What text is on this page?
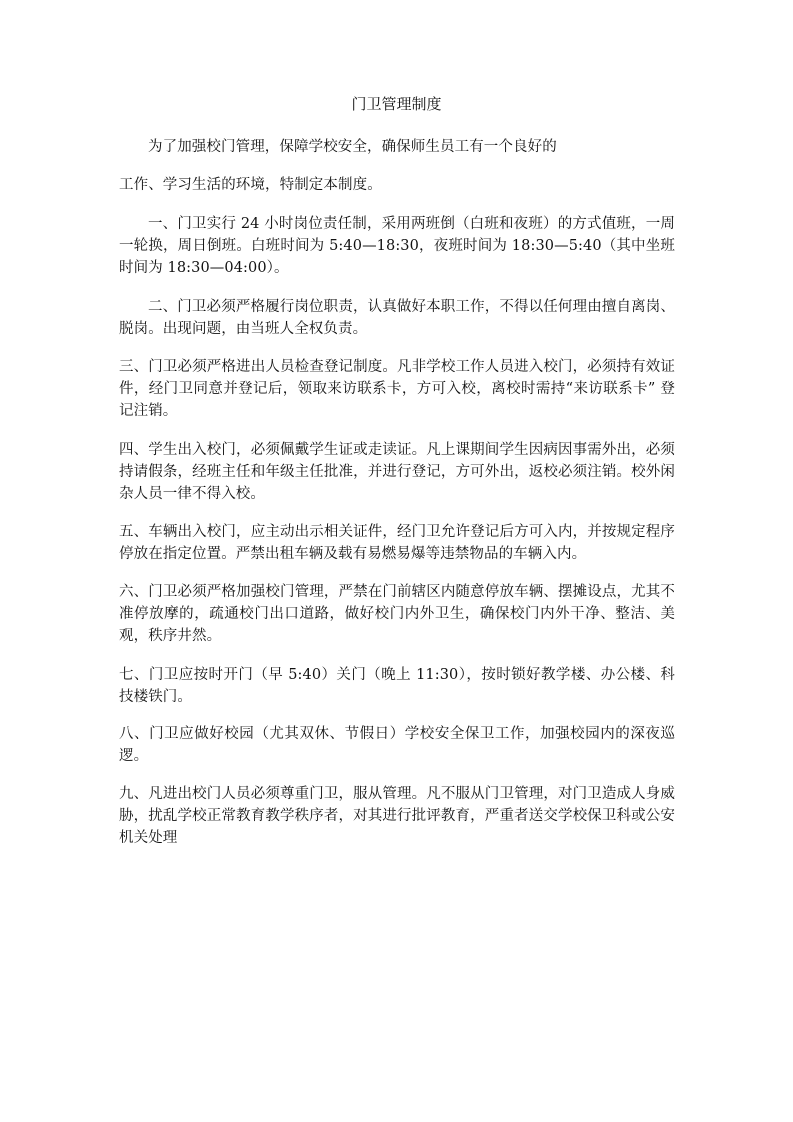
门卫管理制度

为了加强校门管理，保障学校安全，确保师生员工有一个良好的

工作、学习生活的环境，特制定本制度。

一、门卫实行 24 小时岗位责任制，采用两班倒（白班和夜班）的方式值班，一周一轮换，周日倒班。白班时间为 5:40—18:30，夜班时间为 18:30—5:40（其中坐班时间为 18:30—04:00）。

二、门卫必须严格履行岗位职责，认真做好本职工作，不得以任何理由擅自离岗、脱岗。出现问题，由当班人全权负责。

三、门卫必须严格进出人员检查登记制度。凡非学校工作人员进入校门，必须持有效证件，经门卫同意并登记后，领取来访联系卡，方可入校，离校时需持“来访联系卡” 登记注销。

四、学生出入校门，必须佩戴学生证或走读证。凡上课期间学生因病因事需外出，必须持请假条，经班主任和年级主任批准，并进行登记，方可外出，返校必须注销。校外闲杂人员一律不得入校。

五、车辆出入校门，应主动出示相关证件，经门卫允许登记后方可入内，并按规定程序停放在指定位置。严禁出租车辆及载有易燃易爆等违禁物品的车辆入内。

六、门卫必须严格加强校门管理，严禁在门前辖区内随意停放车辆、摆摊设点，尤其不准停放摩的，疏通校门出口道路，做好校门内外卫生，确保校门内外干净、整洁、美观，秩序井然。

七、门卫应按时开门（早 5:40）关门（晚上 11:30），按时锁好教学楼、办公楼、科技楼铁门。

八、门卫应做好校园（尤其双休、节假日）学校安全保卫工作，加强校园内的深夜巡逻。

九、凡进出校门人员必须尊重门卫，服从管理。凡不服从门卫管理，对门卫造成人身威胁，扰乱学校正常教育教学秩序者，对其进行批评教育，严重者送交学校保卫科或公安机关处理
